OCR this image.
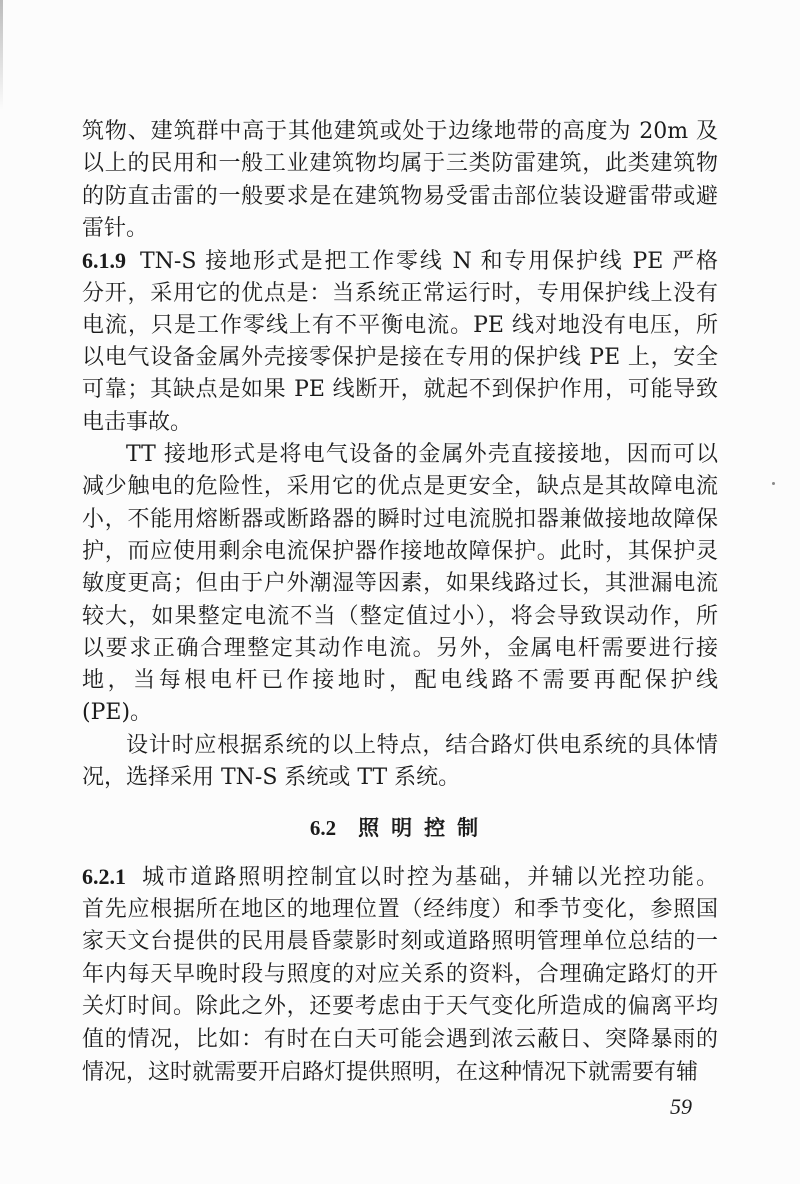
筑物、建筑群中高于其他建筑或处于边缘地带的高度为 20m 及
以上的民用和一般工业建筑物均属于三类防雷建筑，此类建筑物
的防直击雷的一般要求是在建筑物易受雷击部位装设避雷带或避
雷针。
6.1.9 TN-S 接地形式是把工作零线 N 和专用保护线 PE 严格
分开，采用它的优点是：当系统正常运行时，专用保护线上没有
电流，只是工作零线上有不平衡电流。PE 线对地没有电压，所
以电气设备金属外壳接零保护是接在专用的保护线 PE 上，安全
可靠；其缺点是如果 PE 线断开，就起不到保护作用，可能导致
电击事故。
TT 接地形式是将电气设备的金属外壳直接接地，因而可以
减少触电的危险性，采用它的优点是更安全，缺点是其故障电流
小，不能用熔断器或断路器的瞬时过电流脱扣器兼做接地故障保
护，而应使用剩余电流保护器作接地故障保护。此时，其保护灵
敏度更高；但由于户外潮湿等因素，如果线路过长，其泄漏电流
较大，如果整定电流不当（整定值过小），将会导致误动作，所
以要求正确合理整定其动作电流。另外，金属电杆需要进行接
地，当每根电杆已作接地时，配电线路不需要再配保护线
(PE)。
设计时应根据系统的以上特点，结合路灯供电系统的具体情
况，选择采用 TN-S 系统或 TT 系统。
6.2 照明控制
6.2.1 城市道路照明控制宜以时控为基础，并辅以光控功能。
首先应根据所在地区的地理位置（经纬度）和季节变化，参照国
家天文台提供的民用晨昏蒙影时刻或道路照明管理单位总结的一
年内每天早晚时段与照度的对应关系的资料，合理确定路灯的开
关灯时间。除此之外，还要考虑由于天气变化所造成的偏离平均
值的情况，比如：有时在白天可能会遇到浓云蔽日、突降暴雨的
情况，这时就需要开启路灯提供照明，在这种情况下就需要有辅
59
